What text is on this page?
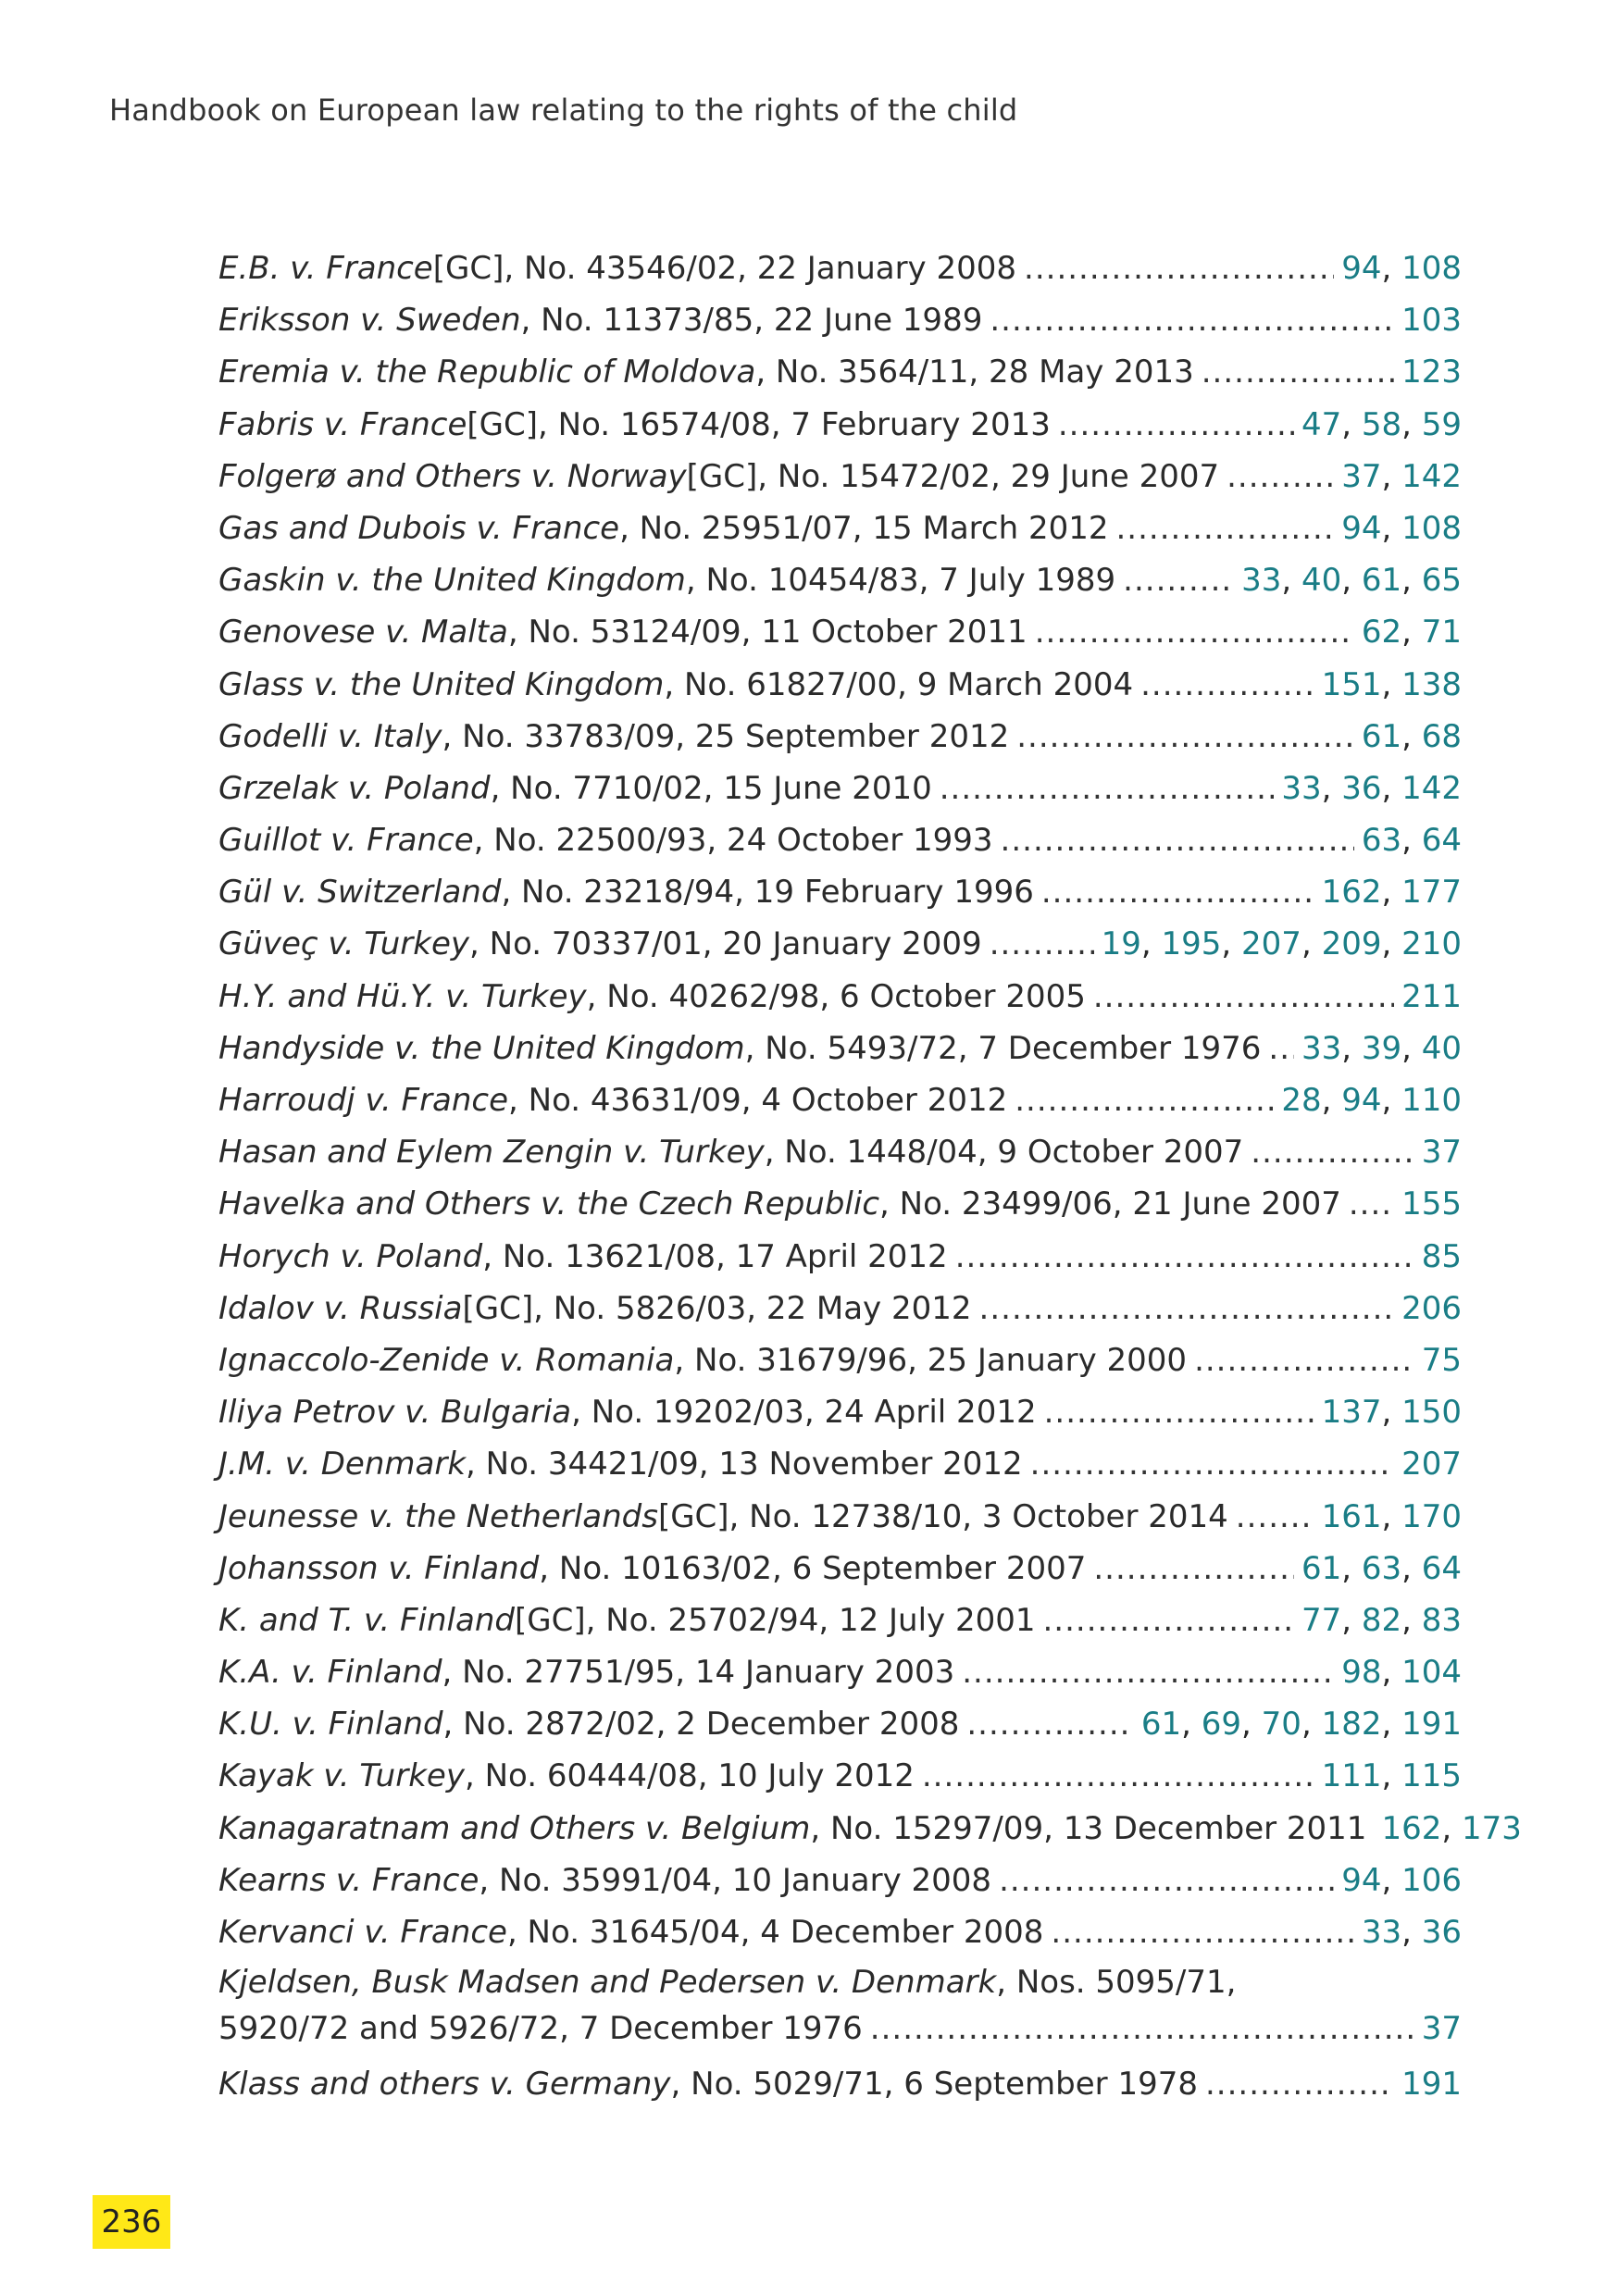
Handbook on European law relating to the rights of the child
E.B. v. France [GC], No. 43546/02, 22 January 2008 .....	94, 108
Eriksson v. Sweden , No. 11373/85, 22 June 1989 .....	103
Eremia v. the Republic of Moldova , No. 3564/11, 28 May 2013 .....	123
Fabris v. France [GC], No. 16574/08, 7 February 2013 .....	47, 58, 59
Folgerø and Others v. Norway [GC], No. 15472/02, 29 June 2007 .....	37, 142
Gas and Dubois v. France , No. 25951/07, 15 March 2012 .....	94, 108
Gaskin v. the United Kingdom , No. 10454/83, 7 July 1989 .....	33, 40, 61, 65
Genovese v. Malta , No. 53124/09, 11 October 2011 .....	62, 71
Glass v. the United Kingdom , No. 61827/00, 9 March 2004 .....	151, 138
Godelli v. Italy , No. 33783/09, 25 September 2012 .....	61, 68
Grzelak v. Poland , No. 7710/02, 15 June 2010 .....	33, 36, 142
Guillot v. France , No. 22500/93, 24 October 1993 .....	63, 64
Gül v. Switzerland , No. 23218/94, 19 February 1996 .....	162, 177
Güveç v. Turkey , No. 70337/01, 20 January 2009 .....	19, 195, 207, 209, 210
H.Y. and Hü.Y. v. Turkey , No. 40262/98, 6 October 2005 .....	211
Handyside v. the United Kingdom , No. 5493/72, 7 December 1976 ..... 33, 39, 40
Harroudj v. France , No. 43631/09, 4 October 2012 .....	28, 94, 110
Hasan and Eylem Zengin v. Turkey , No. 1448/04, 9 October 2007 .....	37
Havelka and Others v. the Czech Republic , No. 23499/06, 21 June 2007 ..... 155
Horych v. Poland , No. 13621/08, 17 April 2012 .....	85
Idalov v. Russia [GC], No. 5826/03, 22 May 2012 .....	206
Ignaccolo-Zenide v. Romania , No. 31679/96, 25 January 2000 .....	75
Iliya Petrov v. Bulgaria , No. 19202/03, 24 April 2012 .....	137, 150
J.M. v. Denmark , No. 34421/09, 13 November 2012 .....	207
Jeunesse v. the Netherlands [GC], No. 12738/10, 3 October 2014 .....	161, 170
Johansson v. Finland , No. 10163/02, 6 September 2007 .....	61, 63, 64
K. and T. v. Finland [GC], No. 25702/94, 12 July 2001 .....	77, 82, 83
K.A. v. Finland , No. 27751/95, 14 January 2003 .....	98, 104
K.U. v. Finland , No. 2872/02, 2 December 2008 .....	61, 69, 70, 182, 191
Kayak v. Turkey , No. 60444/08, 10 July 2012 .....	111, 115
Kanagaratnam and Others v. Belgium , No. 15297/09, 13 December 2011 162, 173
Kearns v. France , No. 35991/04, 10 January 2008 .....	94, 106
Kervanci v. France , No. 31645/04, 4 December 2008 .....	33, 36
Kjeldsen, Busk Madsen and Pedersen v. Denmark, Nos. 5095/71,
5920/72 and 5926/72, 7 December 1976 .....	37
Klass and others v. Germany , No. 5029/71, 6 September 1978 .....	191
236
